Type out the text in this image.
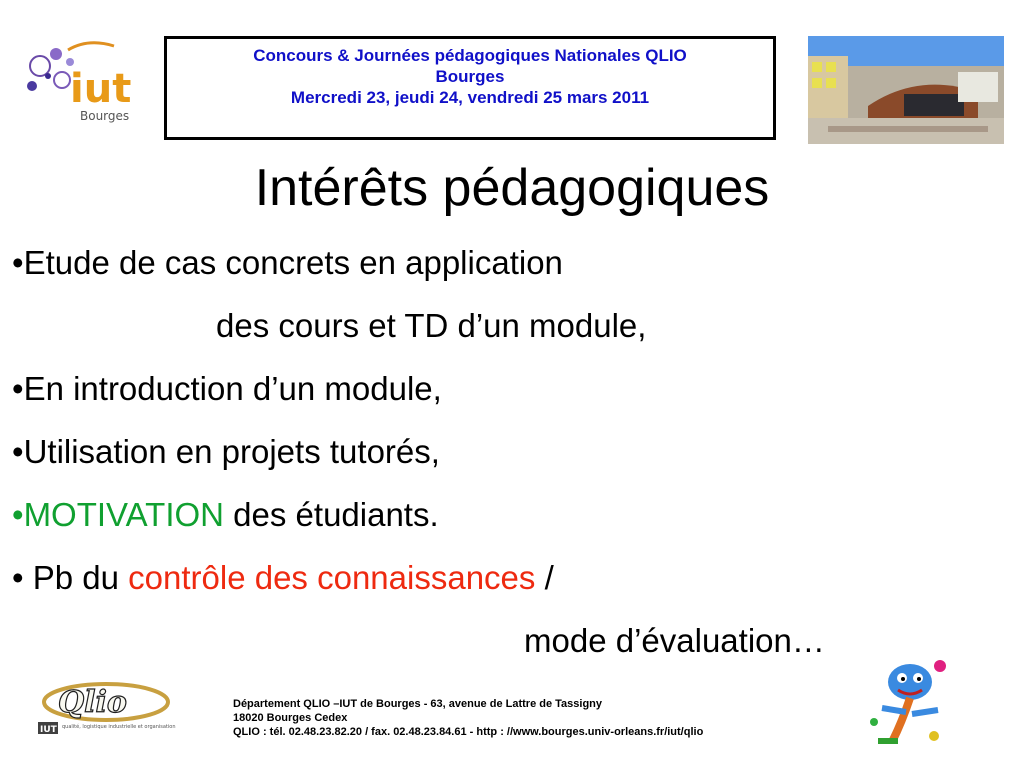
iut
Bourges
Concours & Journées pédagogiques Nationales QLIO
Bourges
Mercredi 23, jeudi 24, vendredi 25 mars 2011
Intérêts pédagogiques
•Etude de cas concrets en application
des cours et TD d’un module,
•En introduction d’un module,
•Utilisation en projets tutorés,
•MOTIVATION des étudiants.
• Pb du contrôle des connaissances /
mode d’évaluation…
Qlio
IUT qualité, logistique industrielle et organisation
Département QLIO –IUT de Bourges - 63, avenue de Lattre de Tassigny
18020 Bourges Cedex
QLIO : tél. 02.48.23.82.20 / fax. 02.48.23.84.61 - http : //www.bourges.univ-orleans.fr/iut/qlio
